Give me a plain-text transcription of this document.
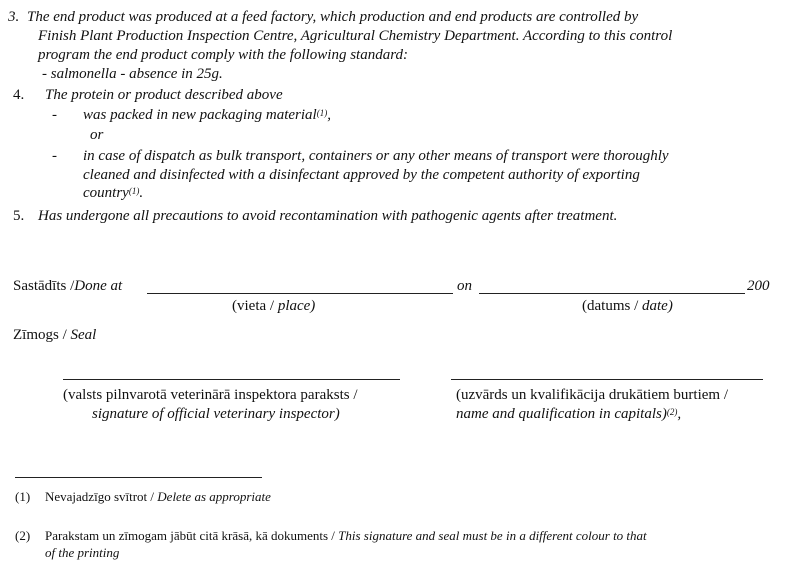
3. The end product was produced at a feed factory, which production and end products are controlled by
Finish Plant Production Inspection Centre, Agricultural Chemistry Department. According to this control
program the end product comply with the following standard:
- salmonella - absence in 25g.
4. The protein or product described above
- was packed in new packaging material$^{(1)}$,
or
- in case of dispatch as bulk transport, containers or any other means of transport were thoroughly
cleaned and disinfected with a disinfectant approved by the competent authority of exporting
country$^{(1)}$.
5. Has undergone all precautions to avoid recontamination with pathogenic agents after treatment.
Sastādīts /Done at	on	200
(vieta / place)	(datums / date)
Zīmogs / Seal
(valsts pilnvarotā veterinārā inspektora paraksts /
signature of official veterinary inspector)
(uzvārds un kvalifikācija drukātiem burtiem /
name and qualification in capitals)$^{(2)}$,
(1) Nevajadzīgo svītrot / Delete as appropriate
(2) Parakstam un zīmogam jābūt citā krāsā, kā dokuments / This signature and seal must be in a different colour to that
of the printing
